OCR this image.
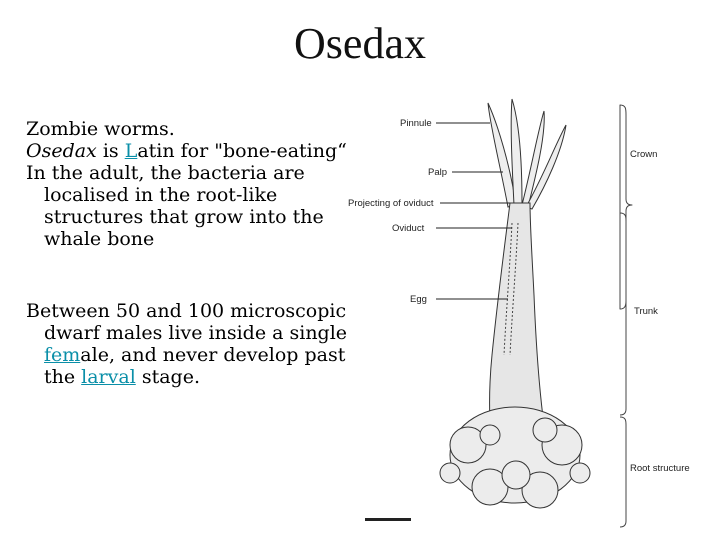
Osedax

Zombie worms.

Osedax is Latin for "bone-eating“

In the adult, the bacteria are localised in the root-like structures that grow into the whale bone

Between 50 and 100 microscopic dwarf males live inside a single female, and never develop past the larval stage.

Pinnule
Palp
Projecting of oviduct
Oviduct
Egg
Crown
Trunk
Root structure
